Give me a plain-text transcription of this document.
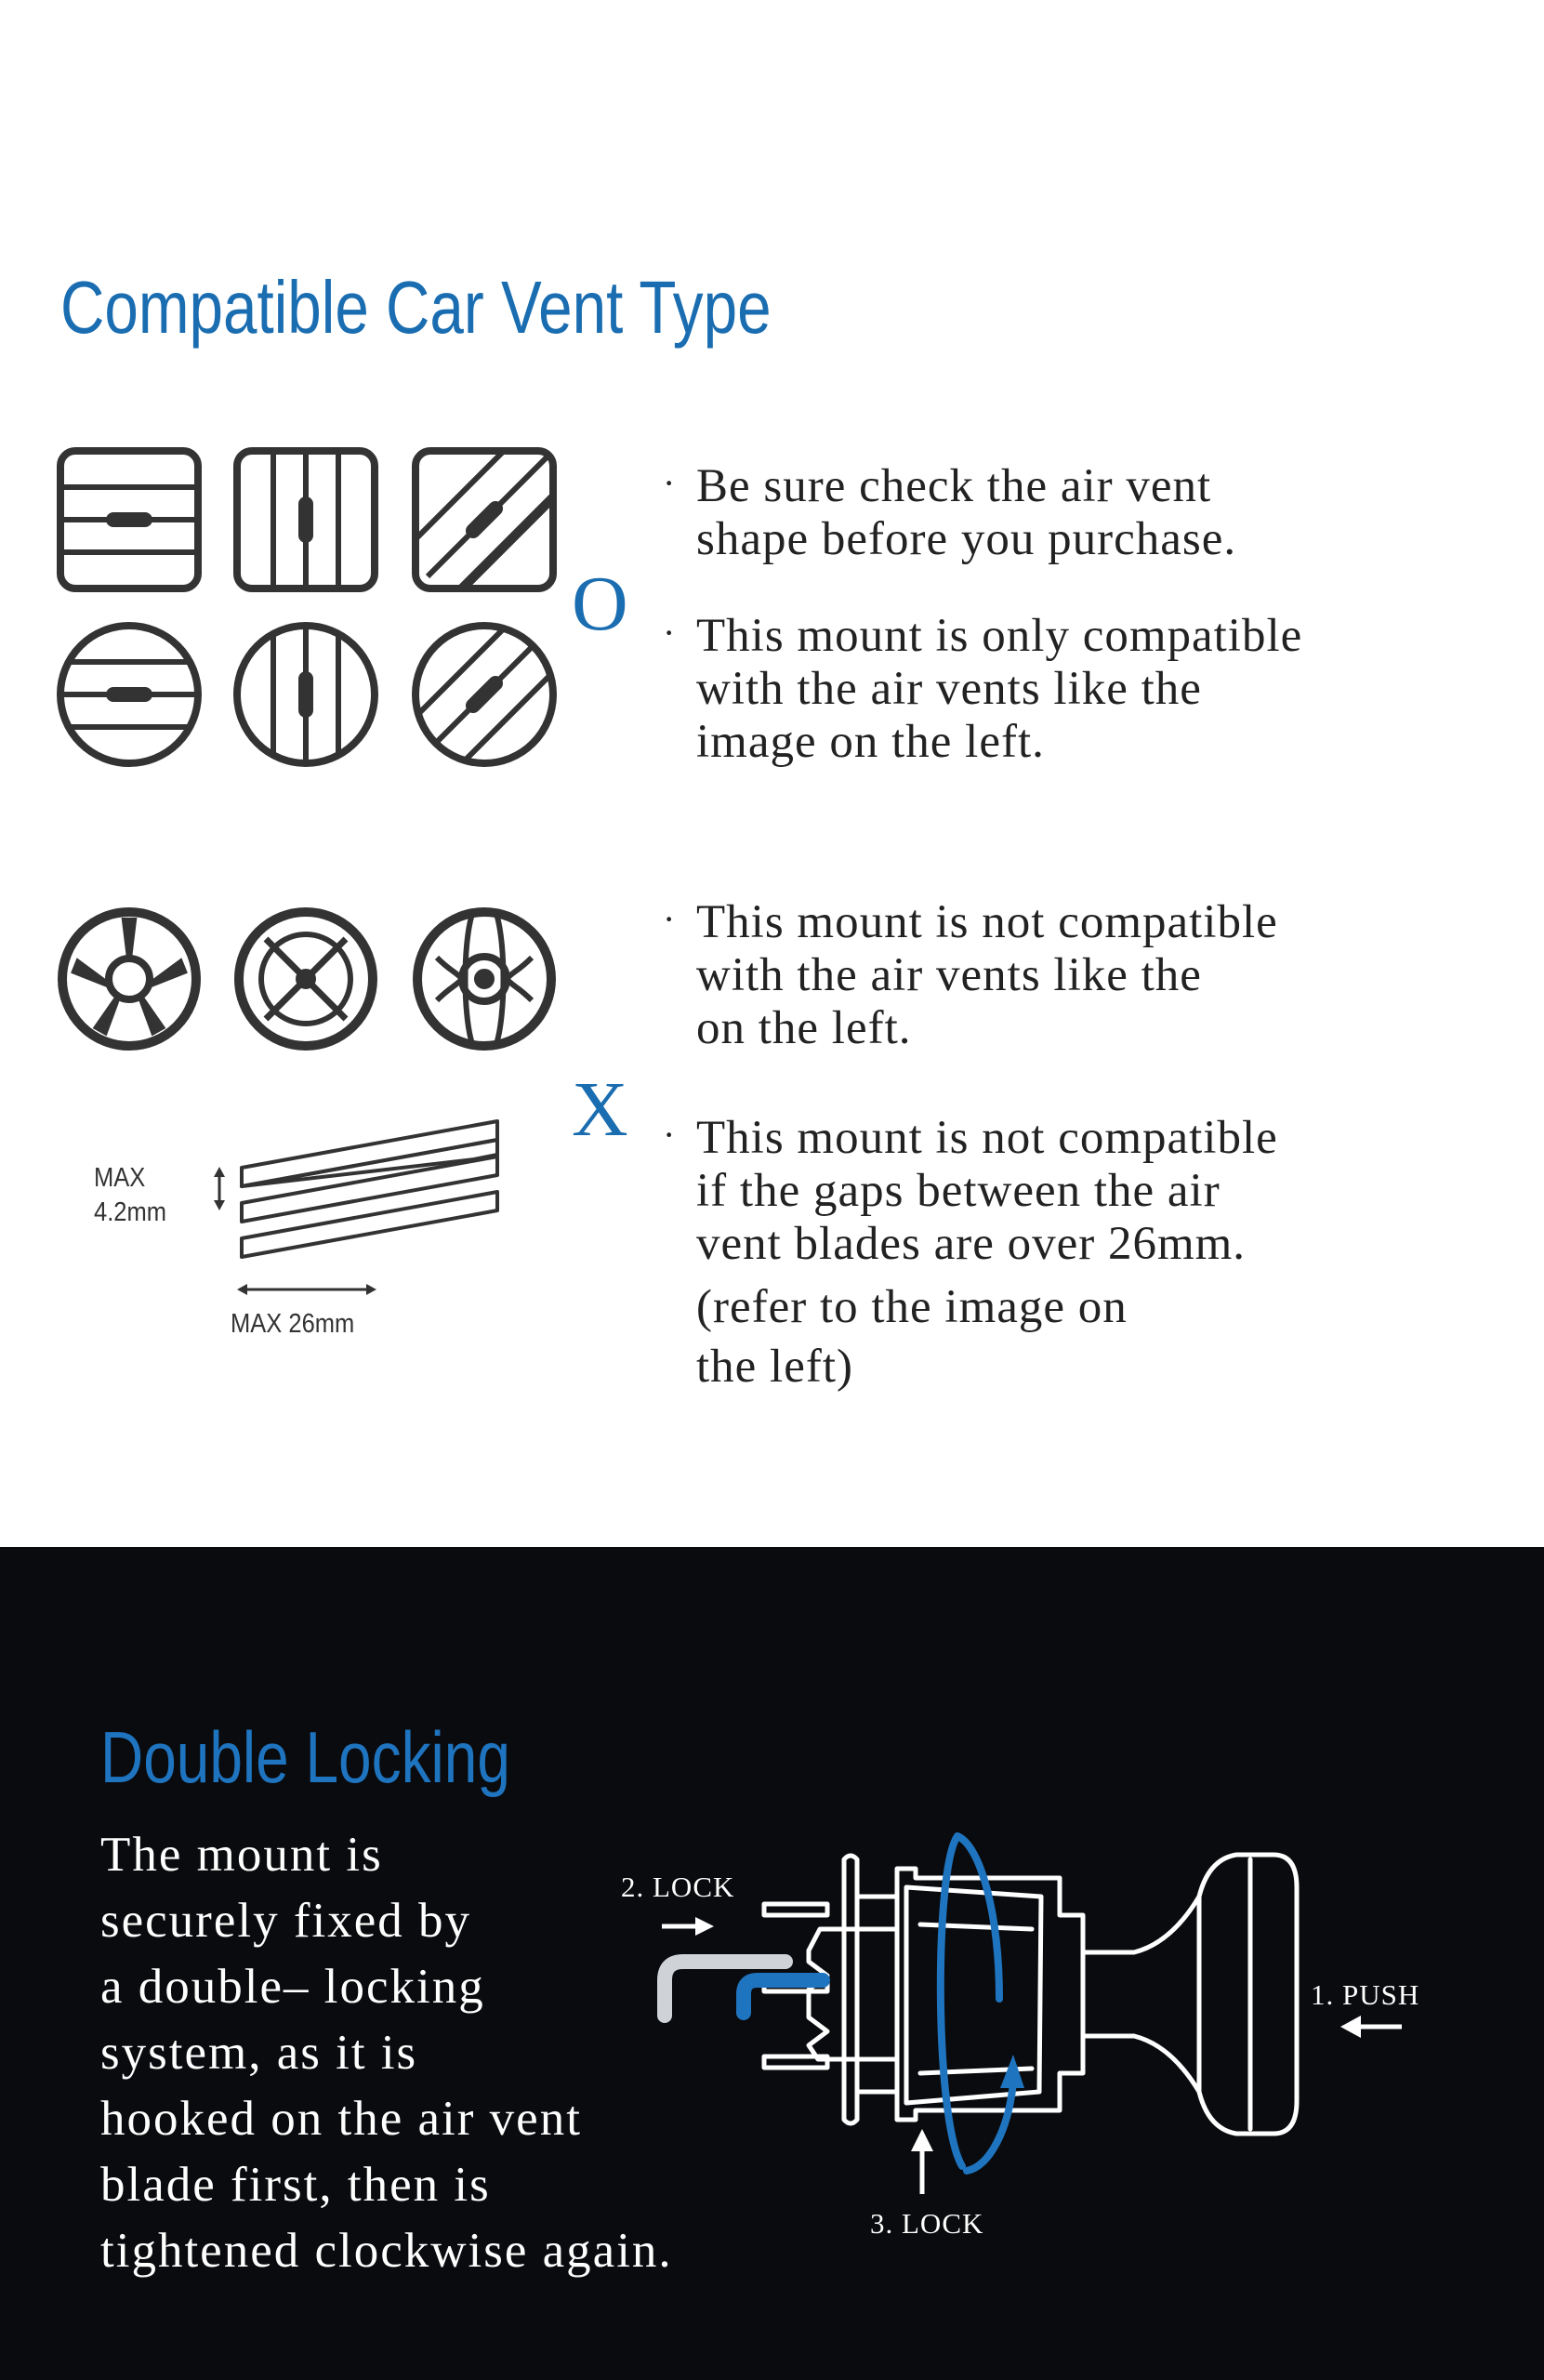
Compatible Car Vent Type
O
X
· Be sure check the air vent
shape before you purchase.
· This mount is only compatible
with the air vents like the
image on the left.
· This mount is not compatible
with the air vents like the
on the left.
· This mount is not compatible
if the gaps between the air
vent blades are over 26mm.
(refer to the image on
the left)
MAX
4.2mm
MAX 26mm
Double Locking
The mount is
securely fixed by
a double– locking
system, as it is
hooked on the air vent
blade first, then is
tightened clockwise again.
2. LOCK
1. PUSH
3. LOCK
